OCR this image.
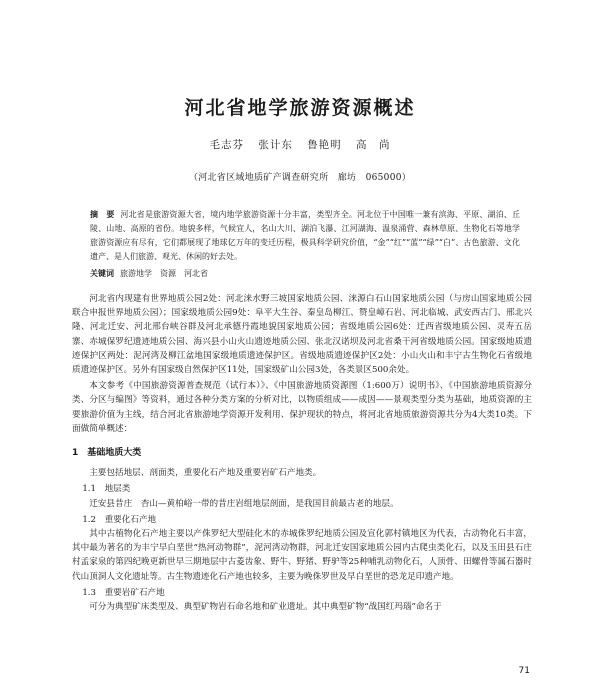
河北省地学旅游资源概述
毛志芬 张计东 鲁艳明 高　尚
（河北省区域地质矿产调查研究所　廊坊　065000）
摘　要 河北省是旅游资源大省，境内地学旅游资源十分丰富，类型齐全。河北位于中国唯一兼有滨海、平原、湖泊、丘陵、山地、高原的省份。地貌多样，气候宜人，名山大川、湖泊飞瀑、江河湖海、温泉涌营、森林草原、生物化石等地学旅游资源应有尽有，它们都展现了地球亿万年的变迁历程，极具科学研究价值，“金”“红”“蓝”“绿”“白”、古色旅游、文化遗产、是人们旅游、观光、休闲的好去处。
关键词 旅游地学　资源　河北省

河北省内现建有世界地质公园2处：河北涞水野三坡国家地质公园、涞源白石山国家地质公园（与房山国家地质公园联合申报世界地质公园）；国家级地质公园9处：阜平大生谷、秦皇岛柳江、赞皇嶂石岩、河北临城、武安西古门、邢北兴隆、河北迁安、河北邢台峡谷群及河北承德丹霞地貌国家地质公园；省级地质公园6处：迁西省级地质公园、灵寿五岳寨、赤城保罗纪遗迹地质公园、海兴县小山火山遗迹地质公园、张北汉诺坝及河北省桑干河省级地质公园。国家级地质遗迹保护区两处：泥河湾及柳江盆地国家级地质遗迹保护区。省级地质遗迹保护区2处：小山火山和丰宁古生物化石省级地质遗迹保护区。另外有国家级自然保护区11处，国家级矿山公园3处，各类景区500余处。

本文参考《中国旅游资源普查规范（试行本）》、《中国旅游地质资源图（1:600万）说明书》、《中国旅游地质资源分类、分区与编图》等资料，通过各种分类方案的分析对比，以物质组成——成因——景观类型分类为基础，地质资源的主要旅游价值为主线，结合河北省旅游地学资源开发利用、保护现状的特点，将河北省地质旅游资源共分为4大类10类。下面做简单概述：

1　基础地质大类

主要包括地层、剖面类，重要化石产地及重要岩矿石产地类。

1.1　地层类

迁安县昔庄　杏山—黄柏峪一带的昔庄岩组地层剖面，是我国目前最古老的地层。

1.2　重要化石产地

其中古植物化石产地主要以产侏罗纪大型硅化木的赤城侏罗纪地质公园及宣化郭村镇地区为代表，古动物化石丰富，其中最为著名的为丰宁早白垩世“热河动物群”，泥河湾动物群，河北迁安国家地质公园内古爬虫类化石，以及玉田县石庄村孟家泉的第四纪晚更新世早三期地层中古菱齿象、野牛、野猪、野驴等25种哺乳动物化石，人顶骨、田螺骨等属石器时代山顶洞人文化遗址等。古生物遗迹化石产地也较多，主要为晚侏罗世及早白垩世的恐龙足印遗产地。

1.3　重要岩矿石产地

可分为典型矿床类型及、典型矿物岩石命名地和矿业遗址。其中典型矿物“战国红玛瑙”命名于

71
